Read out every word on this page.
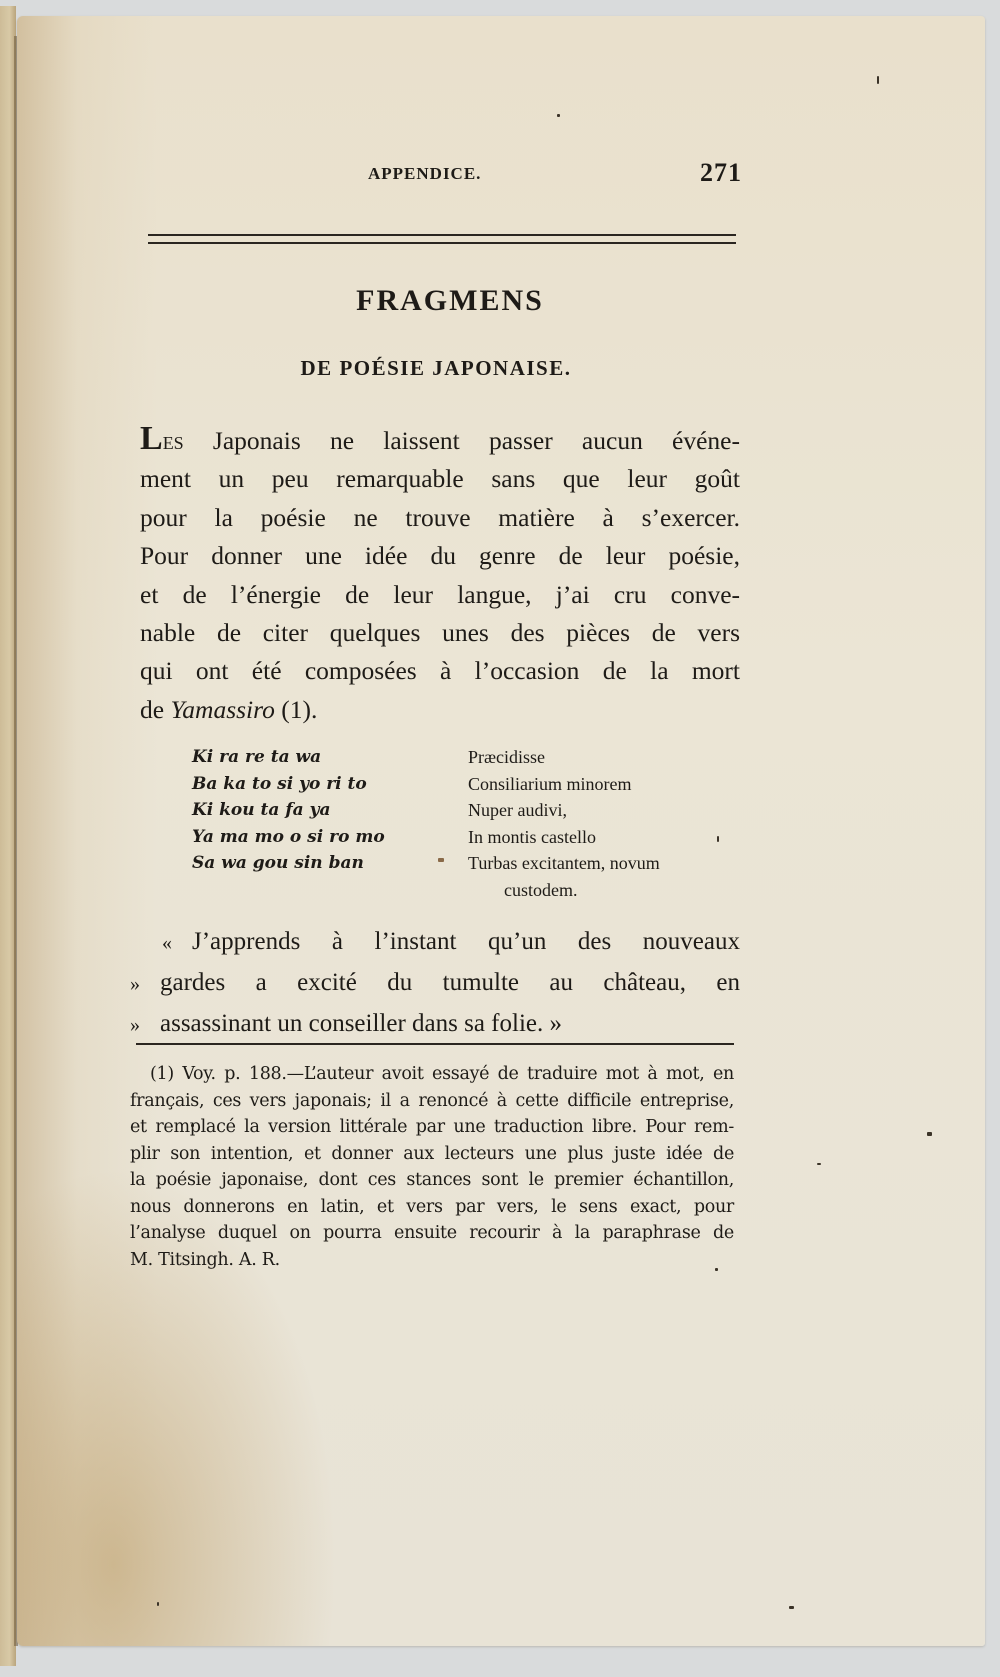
APPENDICE.	271
FRAGMENS
DE POÉSIE JAPONAISE.
Les Japonais ne laissent passer aucun événe-
ment un peu remarquable sans que leur goût
pour la poésie ne trouve matière à s’exercer.
Pour donner une idée du genre de leur poésie,
et de l’énergie de leur langue, j’ai cru conve-
nable de citer quelques unes des pièces de vers
qui ont été composées à l’occasion de la mort
de Yamassiro (1).
Ki ra re ta wa
Ba ka to si yo ri to
Ki kou ta fa ya
Ya ma mo o si ro mo
Sa wa gou sin ban
Præcidisse
Consiliarium minorem
Nuper audivi,
In montis castello
Turbas excitantem, novum
custodem.
« J’apprends à l’instant qu’un des nouveaux
» gardes a excité du tumulte au château, en
» assassinant un conseiller dans sa folie. »
(1) Voy. p. 188.—L’auteur avoit essayé de traduire mot à mot, en
français, ces vers japonais; il a renoncé à cette difficile entreprise,
et remplacé la version littérale par une traduction libre. Pour rem-
plir son intention, et donner aux lecteurs une plus juste idée de
la poésie japonaise, dont ces stances sont le premier échantillon,
nous donnerons en latin, et vers par vers, le sens exact, pour
l’analyse duquel on pourra ensuite recourir à la paraphrase de
M. Titsingh. A. R.
